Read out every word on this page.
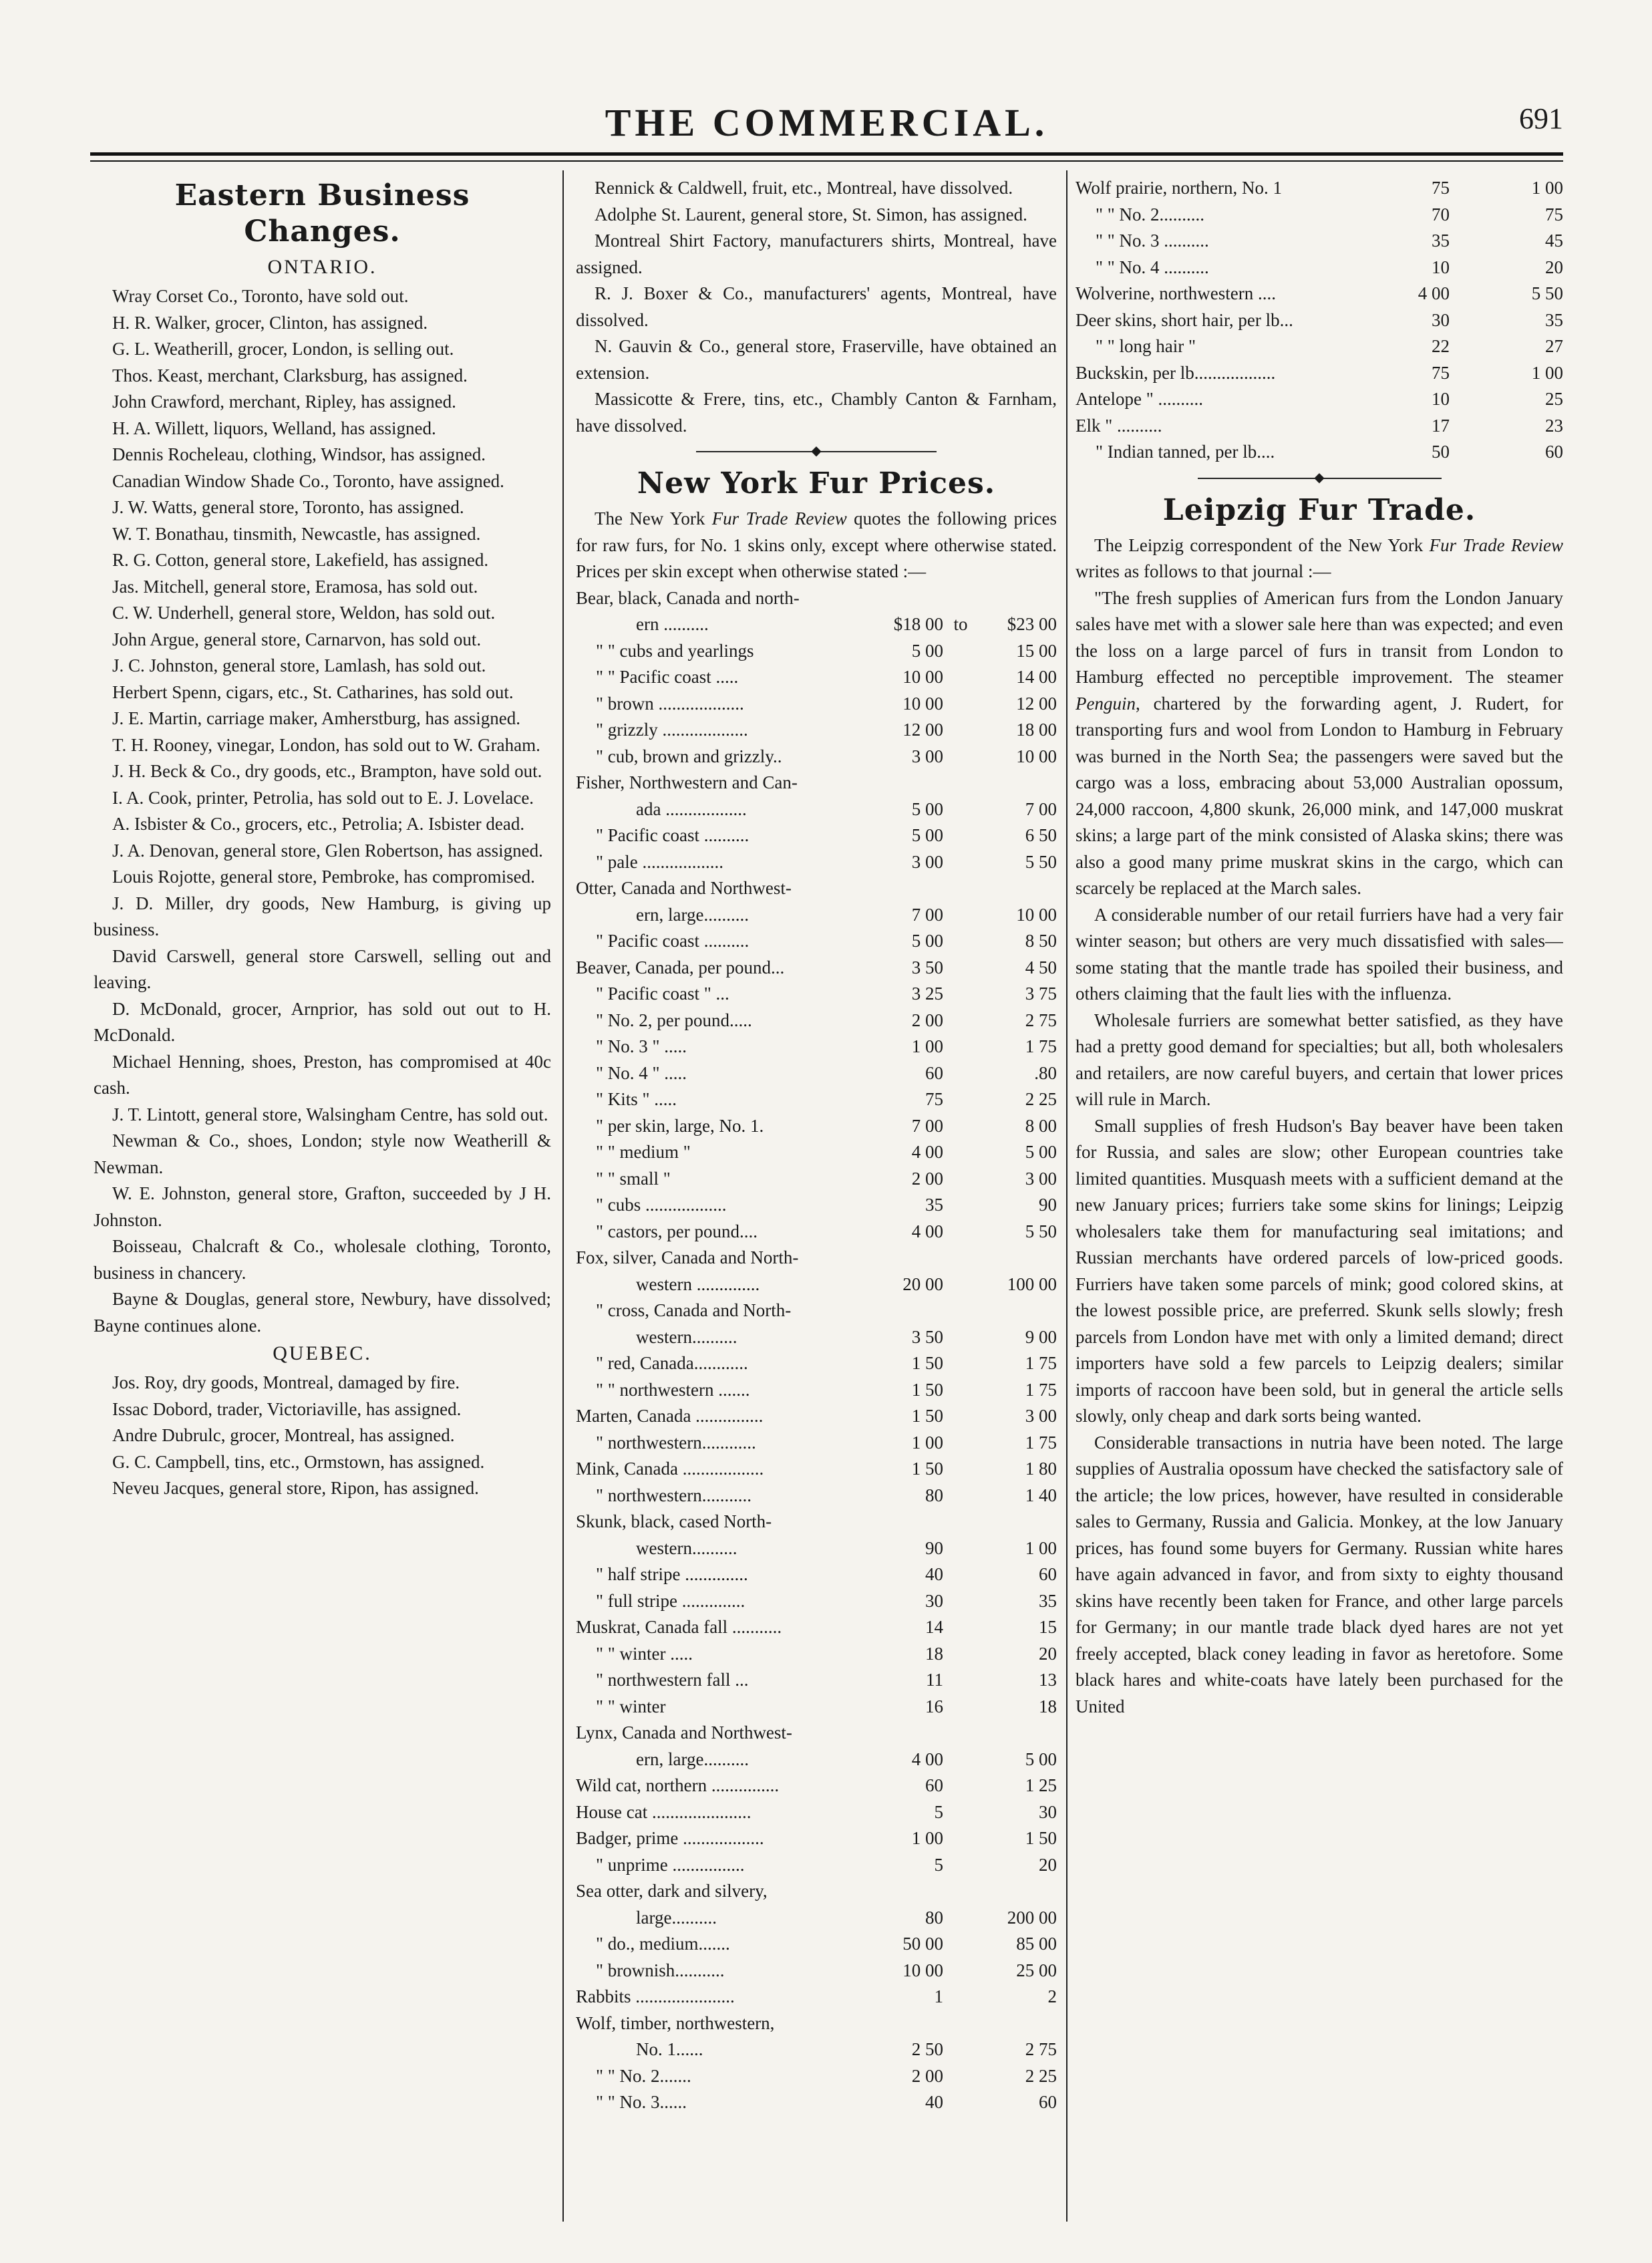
THE COMMERCIAL.	691
Eastern Business Changes.
ONTARIO.

Wray Corset Co., Toronto, have sold out.

H. R. Walker, grocer, Clinton, has assigned.

G. L. Weatherill, grocer, London, is selling out.

Thos. Keast, merchant, Clarksburg, has assigned.

John Crawford, merchant, Ripley, has assigned.

H. A. Willett, liquors, Welland, has assigned.

Dennis Rocheleau, clothing, Windsor, has assigned.

Canadian Window Shade Co., Toronto, have assigned.

J. W. Watts, general store, Toronto, has assigned.

W. T. Bonathau, tinsmith, Newcastle, has assigned.

R. G. Cotton, general store, Lakefield, has assigned.

Jas. Mitchell, general store, Eramosa, has sold out.

C. W. Underhell, general store, Weldon, has sold out.

John Argue, general store, Carnarvon, has sold out.

J. C. Johnston, general store, Lamlash, has sold out.

Herbert Spenn, cigars, etc., St. Catharines, has sold out.

J. E. Martin, carriage maker, Amherstburg, has assigned.

T. H. Rooney, vinegar, London, has sold out to W. Graham.

J. H. Beck & Co., dry goods, etc., Brampton, have sold out.

I. A. Cook, printer, Petrolia, has sold out to E. J. Lovelace.

A. Isbister & Co., grocers, etc., Petrolia; A. Isbister dead.

J. A. Denovan, general store, Glen Robertson, has assigned.

Louis Rojotte, general store, Pembroke, has compromised.

J. D. Miller, dry goods, New Hamburg, is giving up business.

David Carswell, general store Carswell, selling out and leaving.

D. McDonald, grocer, Arnprior, has sold out out to H. McDonald.

Michael Henning, shoes, Preston, has compromised at 40c cash.

J. T. Lintott, general store, Walsingham Centre, has sold out.

Newman & Co., shoes, London; style now Weatherill & Newman.

W. E. Johnston, general store, Grafton, succeeded by J H. Johnston.

Boisseau, Chalcraft & Co., wholesale clothing, Toronto, business in chancery.

Bayne & Douglas, general store, Newbury, have dissolved; Bayne continues alone.

QUEBEC.

Jos. Roy, dry goods, Montreal, damaged by fire.

Issac Dobord, trader, Victoriaville, has assigned.

Andre Dubrulc, grocer, Montreal, has assigned.

G. C. Campbell, tins, etc., Ormstown, has assigned.

Neveu Jacques, general store, Ripon, has assigned.

Rennick & Caldwell, fruit, etc., Montreal, have dissolved.

Adolphe St. Laurent, general store, St. Simon, has assigned.

Montreal Shirt Factory, manufacturers shirts, Montreal, have assigned.

R. J. Boxer & Co., manufacturers' agents, Montreal, have dissolved.

N. Gauvin & Co., general store, Fraserville, have obtained an extension.

Massicotte & Frere, tins, etc., Chambly Canton & Farnham, have dissolved.

◆
New York Fur Prices.

The New York Fur Trade Review quotes the following prices for raw furs, for No. 1 skins only, except where otherwise stated. Prices per skin except when otherwise stated :—

Bear, black, Canada and north-
ern ..........	$18 00 to	$23 00
" " cubs and yearlings	5 00	15 00
" " Pacific coast .....	10 00	14 00
" brown ...................	10 00	12 00
" grizzly ...................	12 00	18 00
" cub, brown and grizzly..	3 00	10 00
Fisher, Northwestern and Can-
ada ..................	5 00	7 00
" Pacific coast ..........	5 00	6 50
" pale ..................	3 00	5 50
Otter, Canada and Northwest-
ern, large..........	7 00	10 00
" Pacific coast ..........	5 00	8 50
Beaver, Canada, per pound...	3 50	4 50
" Pacific coast " ...	3 25	3 75
" No. 2, per pound.....	2 00	2 75
" No. 3 " .....	1 00	1 75
" No. 4 " .....	60	.80
" Kits " .....	75	2 25
" per skin, large, No. 1.	7 00	8 00
" " medium "	4 00	5 00
" " small "	2 00	3 00
" cubs ..................	35	90
" castors, per pound....	4 00	5 50
Fox, silver, Canada and North-
western ..............	20 00	100 00
" cross, Canada and North-
western..........	3 50	9 00
" red, Canada............	1 50	1 75
" " northwestern .......	1 50	1 75
Marten, Canada ...............	1 50	3 00
" northwestern............	1 00	1 75
Mink, Canada ..................	1 50	1 80
" northwestern...........	80	1 40
Skunk, black, cased North-
western..........	90	1 00
" half stripe ..............	40	60
" full stripe ..............	30	35
Muskrat, Canada fall ...........	14	15
" " winter .....	18	20
" northwestern fall ...	11	13
" " winter	16	18
Lynx, Canada and Northwest-
ern, large..........	4 00	5 00
Wild cat, northern ...............	60	1 25
House cat ......................	5	30
Badger, prime ..................	1 00	1 50
" unprime ................	5	20
Sea otter, dark and silvery,
large..........	80	200 00
" do., medium.......	50 00	85 00
" brownish...........	10 00	25 00
Rabbits ......................	1	2
Wolf, timber, northwestern,
No. 1......	2 50	2 75
" " No. 2.......	2 00	2 25
" " No. 3......	40	60
Wolf prairie, northern, No. 1	75	1 00
" " No. 2..........	70	75
" " No. 3 ..........	35	45
" " No. 4 ..........	10	20
Wolverine, northwestern ....	4 00	5 50
Deer skins, short hair, per lb...	30	35
" " long hair "	22	27
Buckskin, per lb..................	75	1 00
Antelope " ..........	10	25
Elk " ..........	17	23
" Indian tanned, per lb....	50	60
◆
Leipzig Fur Trade.

The Leipzig correspondent of the New York Fur Trade Review writes as follows to that journal :—

"The fresh supplies of American furs from the London January sales have met with a slower sale here than was expected; and even the loss on a large parcel of furs in transit from London to Hamburg effected no perceptible improvement. The steamer Penguin, chartered by the forwarding agent, J. Rudert, for transporting furs and wool from London to Hamburg in February was burned in the North Sea; the passengers were saved but the cargo was a loss, embracing about 53,000 Australian opossum, 24,000 raccoon, 4,800 skunk, 26,000 mink, and 147,000 muskrat skins; a large part of the mink consisted of Alaska skins; there was also a good many prime muskrat skins in the cargo, which can scarcely be replaced at the March sales.

A considerable number of our retail furriers have had a very fair winter season; but others are very much dissatisfied with sales—some stating that the mantle trade has spoiled their business, and others claiming that the fault lies with the influenza.

Wholesale furriers are somewhat better satisfied, as they have had a pretty good demand for specialties; but all, both wholesalers and retailers, are now careful buyers, and certain that lower prices will rule in March.

Small supplies of fresh Hudson's Bay beaver have been taken for Russia, and sales are slow; other European countries take limited quantities. Musquash meets with a sufficient demand at the new January prices; furriers take some skins for linings; Leipzig wholesalers take them for manufacturing seal imitations; and Russian merchants have ordered parcels of low-priced goods. Furriers have taken some parcels of mink; good colored skins, at the lowest possible price, are preferred. Skunk sells slowly; fresh parcels from London have met with only a limited demand; direct importers have sold a few parcels to Leipzig dealers; similar imports of raccoon have been sold, but in general the article sells slowly, only cheap and dark sorts being wanted.

Considerable transactions in nutria have been noted. The large supplies of Australia opossum have checked the satisfactory sale of the article; the low prices, however, have resulted in considerable sales to Germany, Russia and Galicia. Monkey, at the low January prices, has found some buyers for Germany. Russian white hares have again advanced in favor, and from sixty to eighty thousand skins have recently been taken for France, and other large parcels for Germany; in our mantle trade black dyed hares are not yet freely accepted, black coney leading in favor as heretofore. Some black hares and white-coats have lately been purchased for the United
